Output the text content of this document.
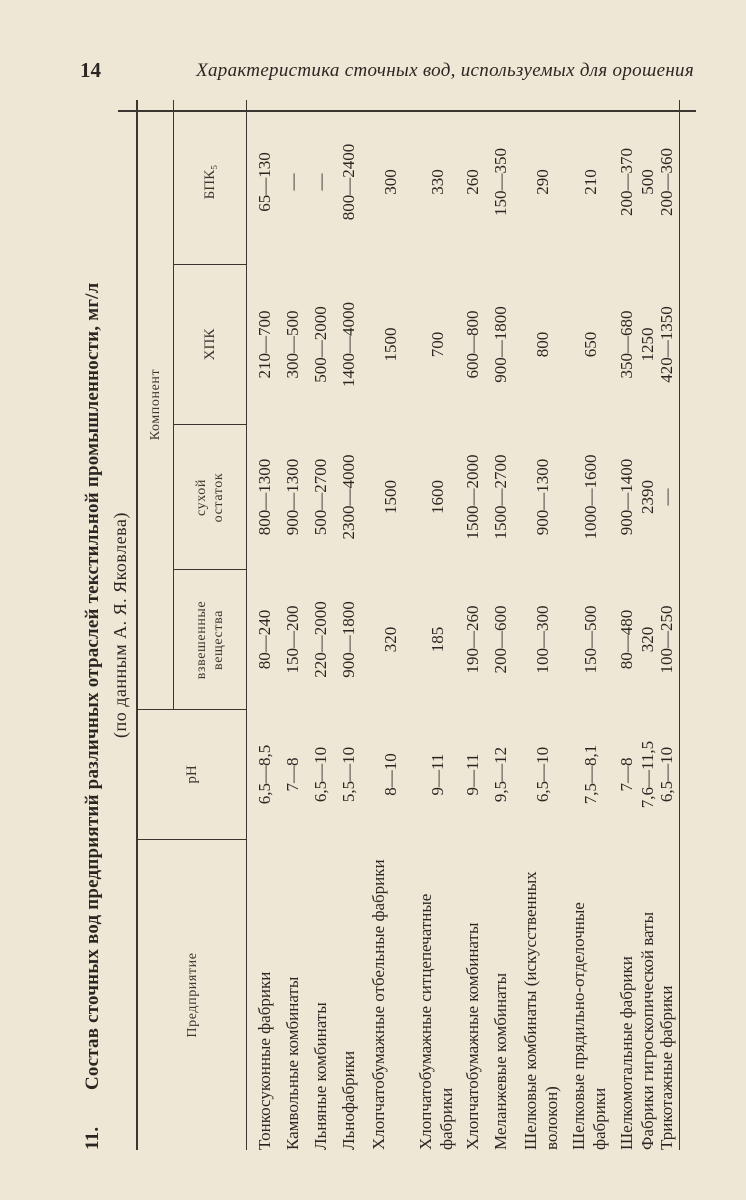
14	Характеристика сточных вод, используемых для орошения
11.Состав сточных вод предприятий различных отраслей текстильной промышленности, мг/л (по данным А. Я. Яковлева)
Предприятие
pH
Компонент
взвешенные вещества
сухой остаток
ХПК
БПК₅
Тонкосуконные фабрики
6,5—8,5
80—240
800—1300
210—700
65—130
Камвольные комбинаты
7—8
150—200
900—1300
300—500
—
Льняные комбинаты
6,5—10
220—2000
500—2700
500—2000
—
Льнофабрики
5,5—10
900—1800
2300—4000
1400—4000
800—2400
Хлопчатобумажные отбельные фабрики
8—10
320
1500
1500
300
Хлопчатобумажные ситцепечатные фабрики
9—11
185
1600
700
330
Хлопчатобумажные комбинаты
9—11
190—260
1500—2000
600—800
260
Меланжевые комбинаты
9,5—12
200—600
1500—2700
900—1800
150—350
Шелковые комбинаты (искусственных волокон)
6,5—10
100—300
900—1300
800
290
Шелковые прядильно-отделочные фабрики
7,5—8,1
150—500
1000—1600
650
210
Шелкомотальные фабрики
7—8
80—480
900—1400
350—680
200—370
Фабрики гигроскопической ваты
7,6—11,5
320
2390
1250
500
Трикотажные фабрики
6,5—10
100—250
—
420—1350
200—360
